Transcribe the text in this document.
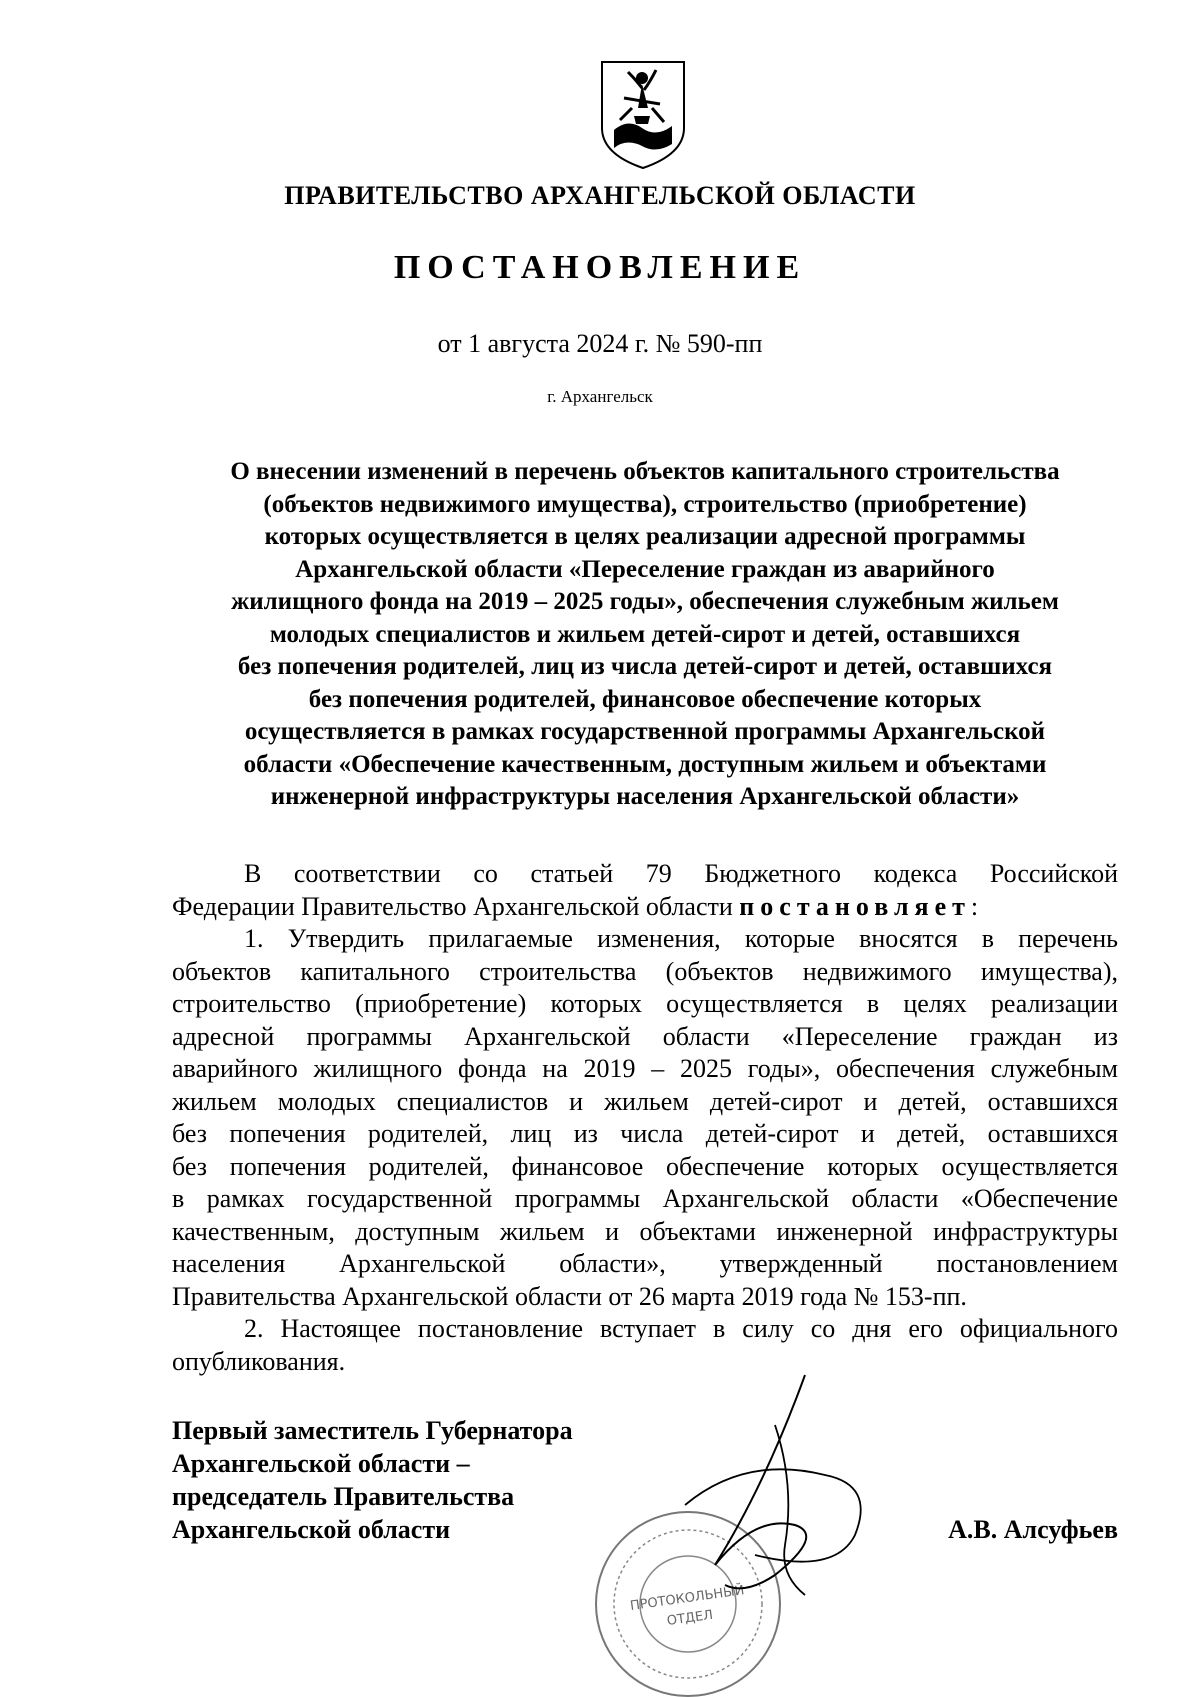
ПРАВИТЕЛЬСТВО АРХАНГЕЛЬСКОЙ ОБЛАСТИ
ПОСТАНОВЛЕНИЕ
от 1 августа 2024 г. № 590-пп
г. Архангельск
О внесении изменений в перечень объектов капитального строительства
(объектов недвижимого имущества), строительство (приобретение)
которых осуществляется в целях реализации адресной программы
Архангельской области «Переселение граждан из аварийного
жилищного фонда на 2019 – 2025 годы», обеспечения служебным жильем
молодых специалистов и жильем детей-сирот и детей, оставшихся
без попечения родителей, лиц из числа детей-сирот и детей, оставшихся
без попечения родителей, финансовое обеспечение которых
осуществляется в рамках государственной программы Архангельской
области «Обеспечение качественным, доступным жильем и объектами
инженерной инфраструктуры населения Архангельской области»
В соответствии со статьей 79 Бюджетного кодекса Российской
Федерации Правительство Архангельской области постановляет:
1. Утвердить прилагаемые изменения, которые вносятся в перечень
объектов капитального строительства (объектов недвижимого имущества),
строительство (приобретение) которых осуществляется в целях реализации
адресной программы Архангельской области «Переселение граждан из
аварийного жилищного фонда на 2019 – 2025 годы», обеспечения служебным
жильем молодых специалистов и жильем детей-сирот и детей, оставшихся
без попечения родителей, лиц из числа детей-сирот и детей, оставшихся
без попечения родителей, финансовое обеспечение которых осуществляется
в рамках государственной программы Архангельской области «Обеспечение
качественным, доступным жильем и объектами инженерной инфраструктуры
населения Архангельской области», утвержденный постановлением
Правительства Архангельской области от 26 марта 2019 года № 153-пп.
2. Настоящее постановление вступает в силу со дня его официального
опубликования.
Первый заместитель Губернатора
Архангельской области –
председатель Правительства
Архангельской области	А.В. Алсуфьев
ПРОТОКОЛЬНЫЙ
ОТДЕЛ
